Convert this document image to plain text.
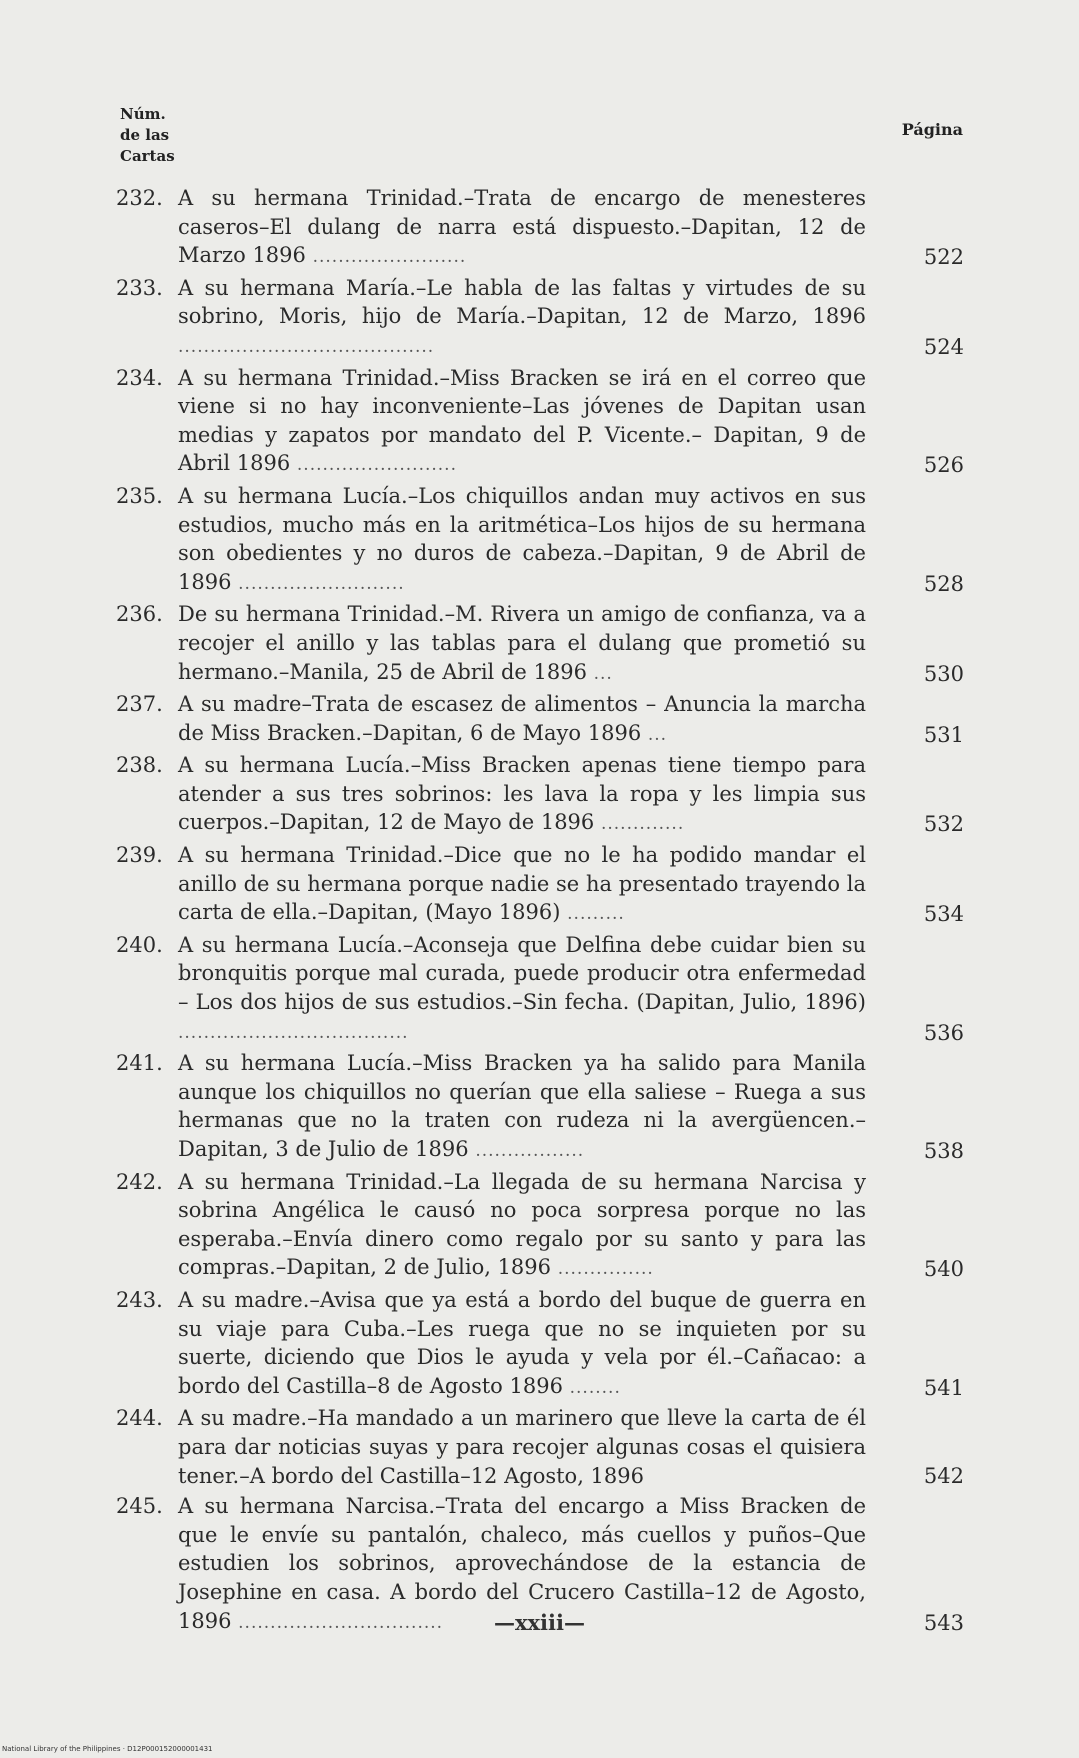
Núm.
de las
Cartas
Página
232. A su hermana Trinidad.–Trata de encargo de menesteres caseros–El dulang de narra está dispuesto.–Dapitan, 12 de Marzo 1896 ........................	522
233. A su hermana María.–Le habla de las faltas y virtudes de su sobrino, Moris, hijo de María.–Dapitan, 12 de Marzo, 1896 ........................................	524
234. A su hermana Trinidad.–Miss Bracken se irá en el correo que viene si no hay inconveniente–Las jóvenes de Dapitan usan medias y zapatos por mandato del P. Vicente.– Dapitan, 9 de Abril 1896 .........................	526
235. A su hermana Lucía.–Los chiquillos andan muy activos en sus estudios, mucho más en la aritmética–Los hijos de su hermana son obedientes y no duros de cabeza.–Dapitan, 9 de Abril de 1896 ..........................	528
236. De su hermana Trinidad.–M. Rivera un amigo de confianza, va a recojer el anillo y las tablas para el dulang que prometió su hermano.–Manila, 25 de Abril de 1896 ...	530
237. A su madre–Trata de escasez de alimentos – Anuncia la marcha de Miss Bracken.–Dapitan, 6 de Mayo 1896 ...	531
238. A su hermana Lucía.–Miss Bracken apenas tiene tiempo para atender a sus tres sobrinos: les lava la ropa y les limpia sus cuerpos.–Dapitan, 12 de Mayo de 1896 .............	532
239. A su hermana Trinidad.–Dice que no le ha podido mandar el anillo de su hermana porque nadie se ha presentado trayendo la carta de ella.–Dapitan, (Mayo 1896) .........	534
240. A su hermana Lucía.–Aconseja que Delfina debe cuidar bien su bronquitis porque mal curada, puede producir otra enfermedad – Los dos hijos de sus estudios.–Sin fecha. (Dapitan, Julio, 1896) ....................................	536
241. A su hermana Lucía.–Miss Bracken ya ha salido para Manila aunque los chiquillos no querían que ella saliese – Ruega a sus hermanas que no la traten con rudeza ni la avergüencen.–Dapitan, 3 de Julio de 1896 .................	538
242. A su hermana Trinidad.–La llegada de su hermana Narcisa y sobrina Angélica le causó no poca sorpresa porque no las esperaba.–Envía dinero como regalo por su santo y para las compras.–Dapitan, 2 de Julio, 1896 ...............	540
243. A su madre.–Avisa que ya está a bordo del buque de guerra en su viaje para Cuba.–Les ruega que no se inquieten por su suerte, diciendo que Dios le ayuda y vela por él.–Cañacao: a bordo del Castilla–8 de Agosto 1896 ........	541
244. A su madre.–Ha mandado a un marinero que lleve la carta de él para dar noticias suyas y para recojer algunas cosas el quisiera tener.–A bordo del Castilla–12 Agosto, 1896	542
245. A su hermana Narcisa.–Trata del encargo a Miss Bracken de que le envíe su pantalón, chaleco, más cuellos y puños–Que estudien los sobrinos, aprovechándose de la estancia de Josephine en casa. A bordo del Crucero Castilla–12 de Agosto, 1896 ................................	543
—xxiii—
National Library of the Philippines · D12P000152000001431
